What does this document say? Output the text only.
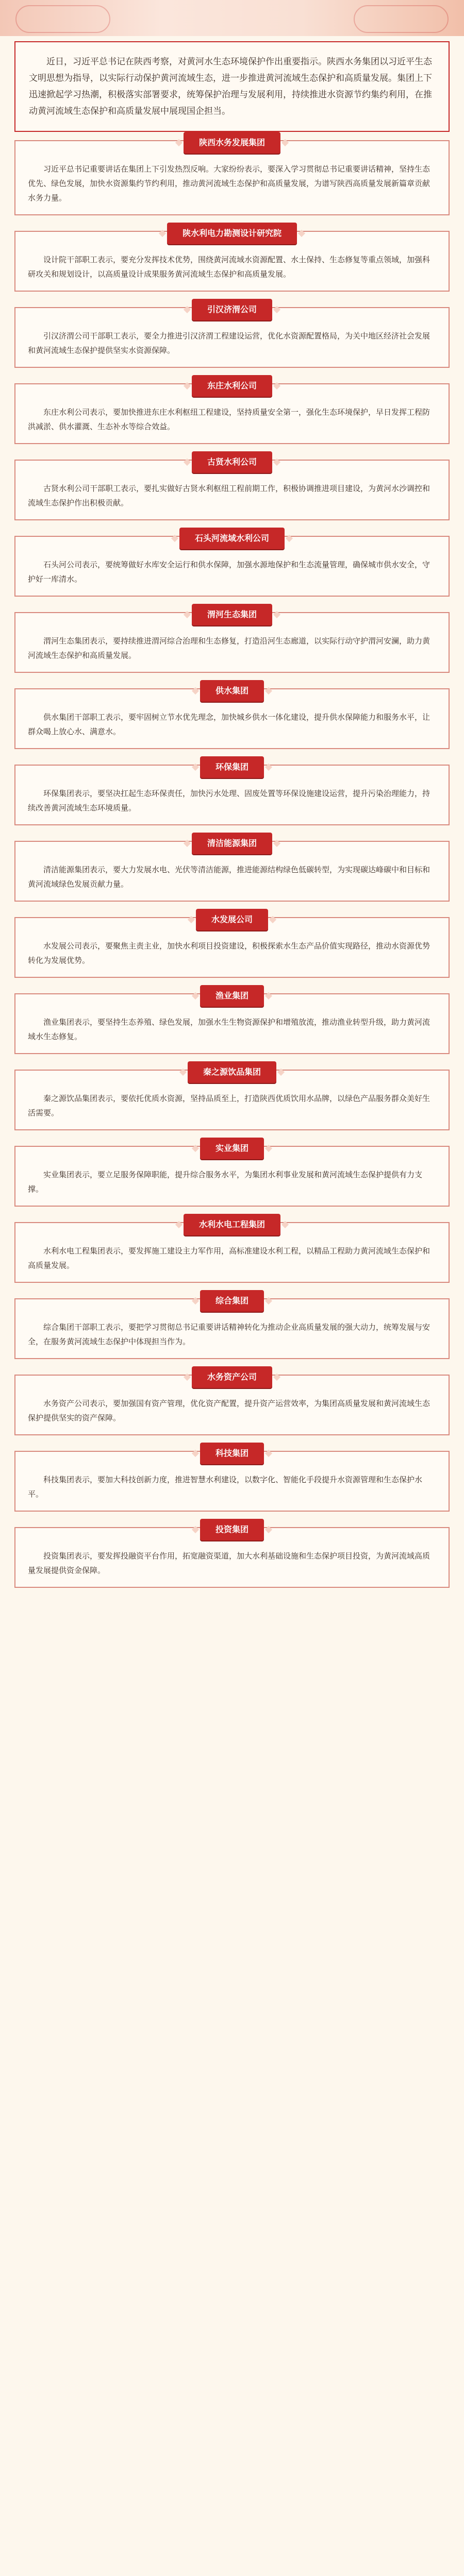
近日，习近平总书记在陕西考察，对黄河水生态环境保护作出重要指示。陕西水务集团以习近平生态文明思想为指导，以实际行动保护黄河流域生态，进一步推进黄河流域生态保护和高质量发展。集团上下迅速掀起学习热潮，积极落实部署要求，统筹保护治理与发展利用，持续推进水资源节约集约利用，在推动黄河流域生态保护和高质量发展中展现国企担当。
陕西水务发展集团
习近平总书记重要讲话在集团上下引发热烈反响。大家纷纷表示，要深入学习贯彻总书记重要讲话精神，坚持生态优先、绿色发展，加快水资源集约节约利用，推动黄河流域生态保护和高质量发展，为谱写陕西高质量发展新篇章贡献水务力量。
陕水利电力勘测设计研究院
设计院干部职工表示，要充分发挥技术优势，围绕黄河流域水资源配置、水土保持、生态修复等重点领域，加强科研攻关和规划设计，以高质量设计成果服务黄河流域生态保护和高质量发展。
引汉济渭公司
引汉济渭公司干部职工表示，要全力推进引汉济渭工程建设运营，优化水资源配置格局，为关中地区经济社会发展和黄河流域生态保护提供坚实水资源保障。
东庄水利公司
东庄水利公司表示，要加快推进东庄水利枢纽工程建设，坚持质量安全第一，强化生态环境保护，早日发挥工程防洪减淤、供水灌溉、生态补水等综合效益。
古贤水利公司
古贤水利公司干部职工表示，要扎实做好古贤水利枢纽工程前期工作，积极协调推进项目建设，为黄河水沙调控和流域生态保护作出积极贡献。
石头河流域水利公司
石头河公司表示，要统筹做好水库安全运行和供水保障，加强水源地保护和生态流量管理，确保城市供水安全，守护好一库清水。
渭河生态集团
渭河生态集团表示，要持续推进渭河综合治理和生态修复，打造沿河生态廊道，以实际行动守护渭河安澜，助力黄河流域生态保护和高质量发展。
供水集团
供水集团干部职工表示，要牢固树立节水优先理念，加快城乡供水一体化建设，提升供水保障能力和服务水平，让群众喝上放心水、满意水。
环保集团
环保集团表示，要坚决扛起生态环保责任，加快污水处理、固废处置等环保设施建设运营，提升污染治理能力，持续改善黄河流域生态环境质量。
清洁能源集团
清洁能源集团表示，要大力发展水电、光伏等清洁能源，推进能源结构绿色低碳转型，为实现碳达峰碳中和目标和黄河流域绿色发展贡献力量。
水发展公司
水发展公司表示，要聚焦主责主业，加快水利项目投资建设，积极探索水生态产品价值实现路径，推动水资源优势转化为发展优势。
渔业集团
渔业集团表示，要坚持生态养殖、绿色发展，加强水生生物资源保护和增殖放流，推动渔业转型升级，助力黄河流域水生态修复。
秦之源饮品集团
秦之源饮品集团表示，要依托优质水资源，坚持品质至上，打造陕西优质饮用水品牌，以绿色产品服务群众美好生活需要。
实业集团
实业集团表示，要立足服务保障职能，提升综合服务水平，为集团水利事业发展和黄河流域生态保护提供有力支撑。
水利水电工程集团
水利水电工程集团表示，要发挥施工建设主力军作用，高标准建设水利工程，以精品工程助力黄河流域生态保护和高质量发展。
综合集团
综合集团干部职工表示，要把学习贯彻总书记重要讲话精神转化为推动企业高质量发展的强大动力，统筹发展与安全，在服务黄河流域生态保护中体现担当作为。
水务资产公司
水务资产公司表示，要加强国有资产管理，优化资产配置，提升资产运营效率，为集团高质量发展和黄河流域生态保护提供坚实的资产保障。
科技集团
科技集团表示，要加大科技创新力度，推进智慧水利建设，以数字化、智能化手段提升水资源管理和生态保护水平。
投资集团
投资集团表示，要发挥投融资平台作用，拓宽融资渠道，加大水利基础设施和生态保护项目投资，为黄河流域高质量发展提供资金保障。
